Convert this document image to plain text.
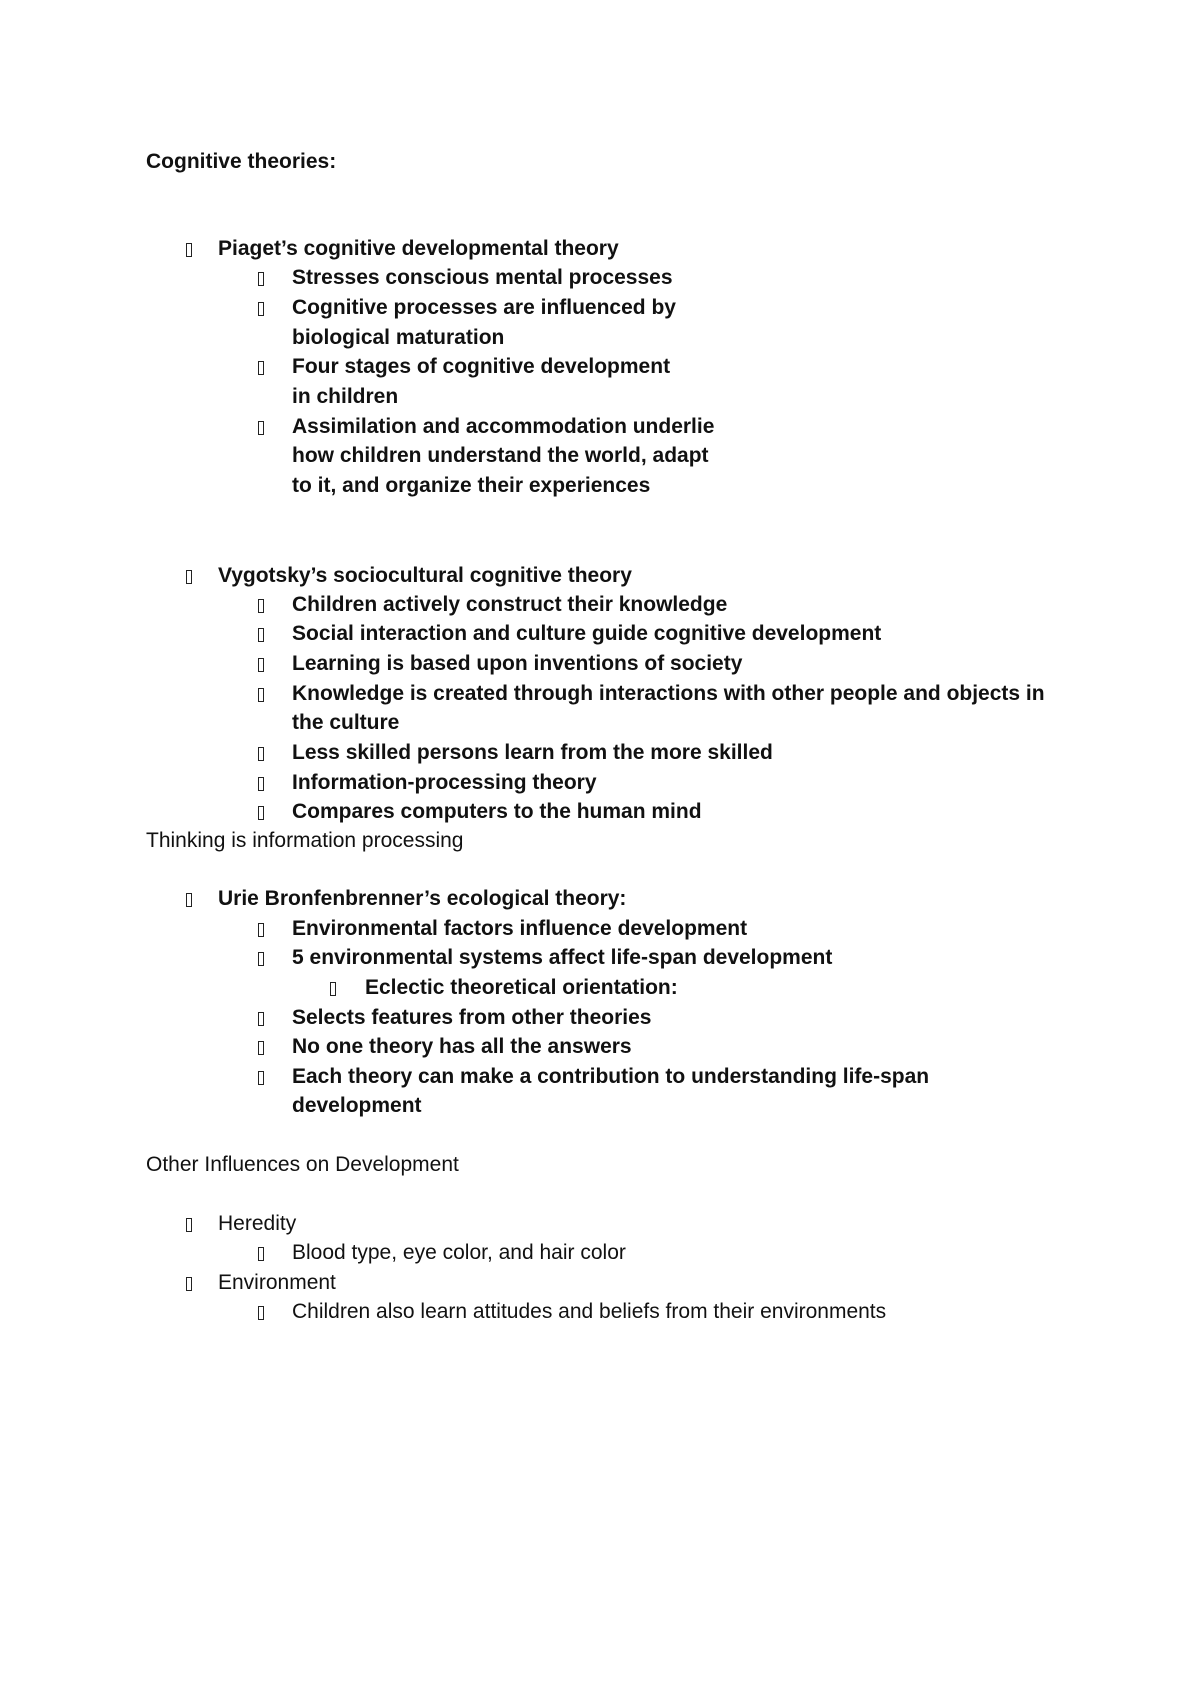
Cognitive theories:
Piaget’s cognitive developmental theory
Stresses conscious mental processes
Cognitive processes are influenced by
biological maturation
Four stages of cognitive development
in children
Assimilation and accommodation underlie
how children understand the world, adapt
to it, and organize their experiences
Vygotsky’s sociocultural cognitive theory
Children actively construct their knowledge
Social interaction and culture guide cognitive development
Learning is based upon inventions of society
Knowledge is created through interactions with other people and objects in
the culture
Less skilled persons learn from the more skilled
Information-processing theory
Compares computers to the human mind
Thinking is information processing
Urie Bronfenbrenner’s ecological theory:
Environmental factors influence development
5 environmental systems affect life-span development
Eclectic theoretical orientation:
Selects features from other theories
No one theory has all the answers
Each theory can make a contribution to understanding life-span
development
Other Influences on Development
Heredity
Blood type, eye color, and hair color
Environment
Children also learn attitudes and beliefs from their environments
